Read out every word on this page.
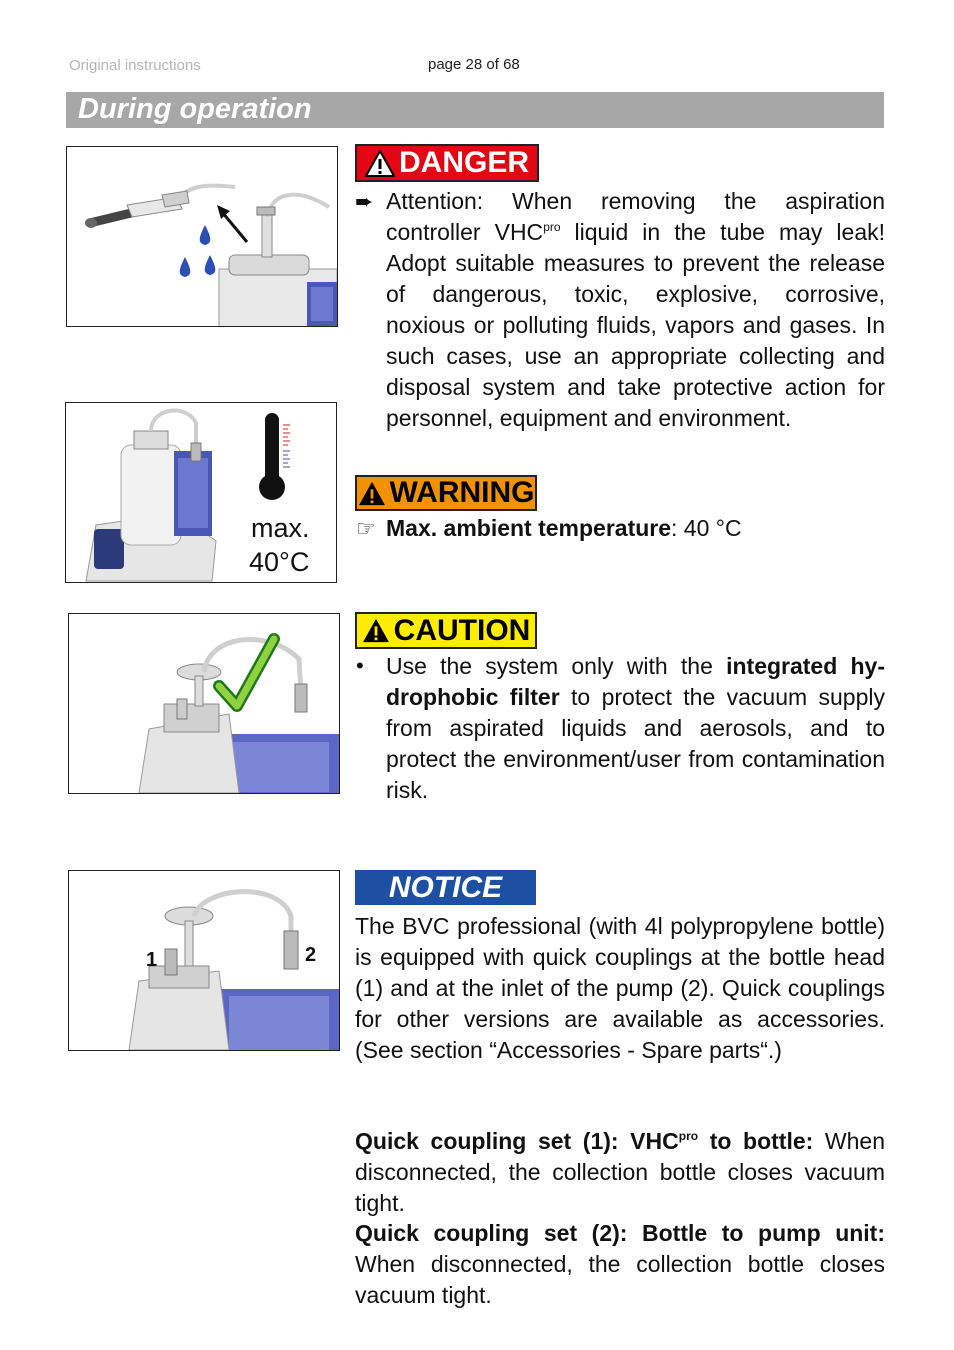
Original instructions	page 28 of 68
During operation
max.
40°C
1	2
DANGER
➨ Attention: When removing the aspiration controller $VHC^{pro}$ liquid in the tube may leak! Adopt suitable measures to prevent the release of dangerous, toxic, explosive, corrosive, noxious or polluting fluids, vapors and gases. In such cases, use an appropriate collecting and disposal system and take protective action for personnel, equipment and environment.
WARNING
☞ Max. ambient temperature: 40 °C
CAUTION
• Use the system only with the integrated hydrophobic filter to protect the vacuum supply from aspirated liquids and aerosols, and to protect the environment/user from contamination risk.
NOTICE
The BVC professional (with 4l polypropylene bottle) is equipped with quick couplings at the bottle head (1) and at the inlet of the pump (2). Quick couplings for other versions are available as accessories. (See section “Accessories - Spare parts“.)
Quick coupling set (1): $VHC^{pro}$ to bottle: When disconnected, the collection bottle closes vacuum tight.
Quick coupling set (2): Bottle to pump unit: When disconnected, the collection bottle closes vacuum tight.
